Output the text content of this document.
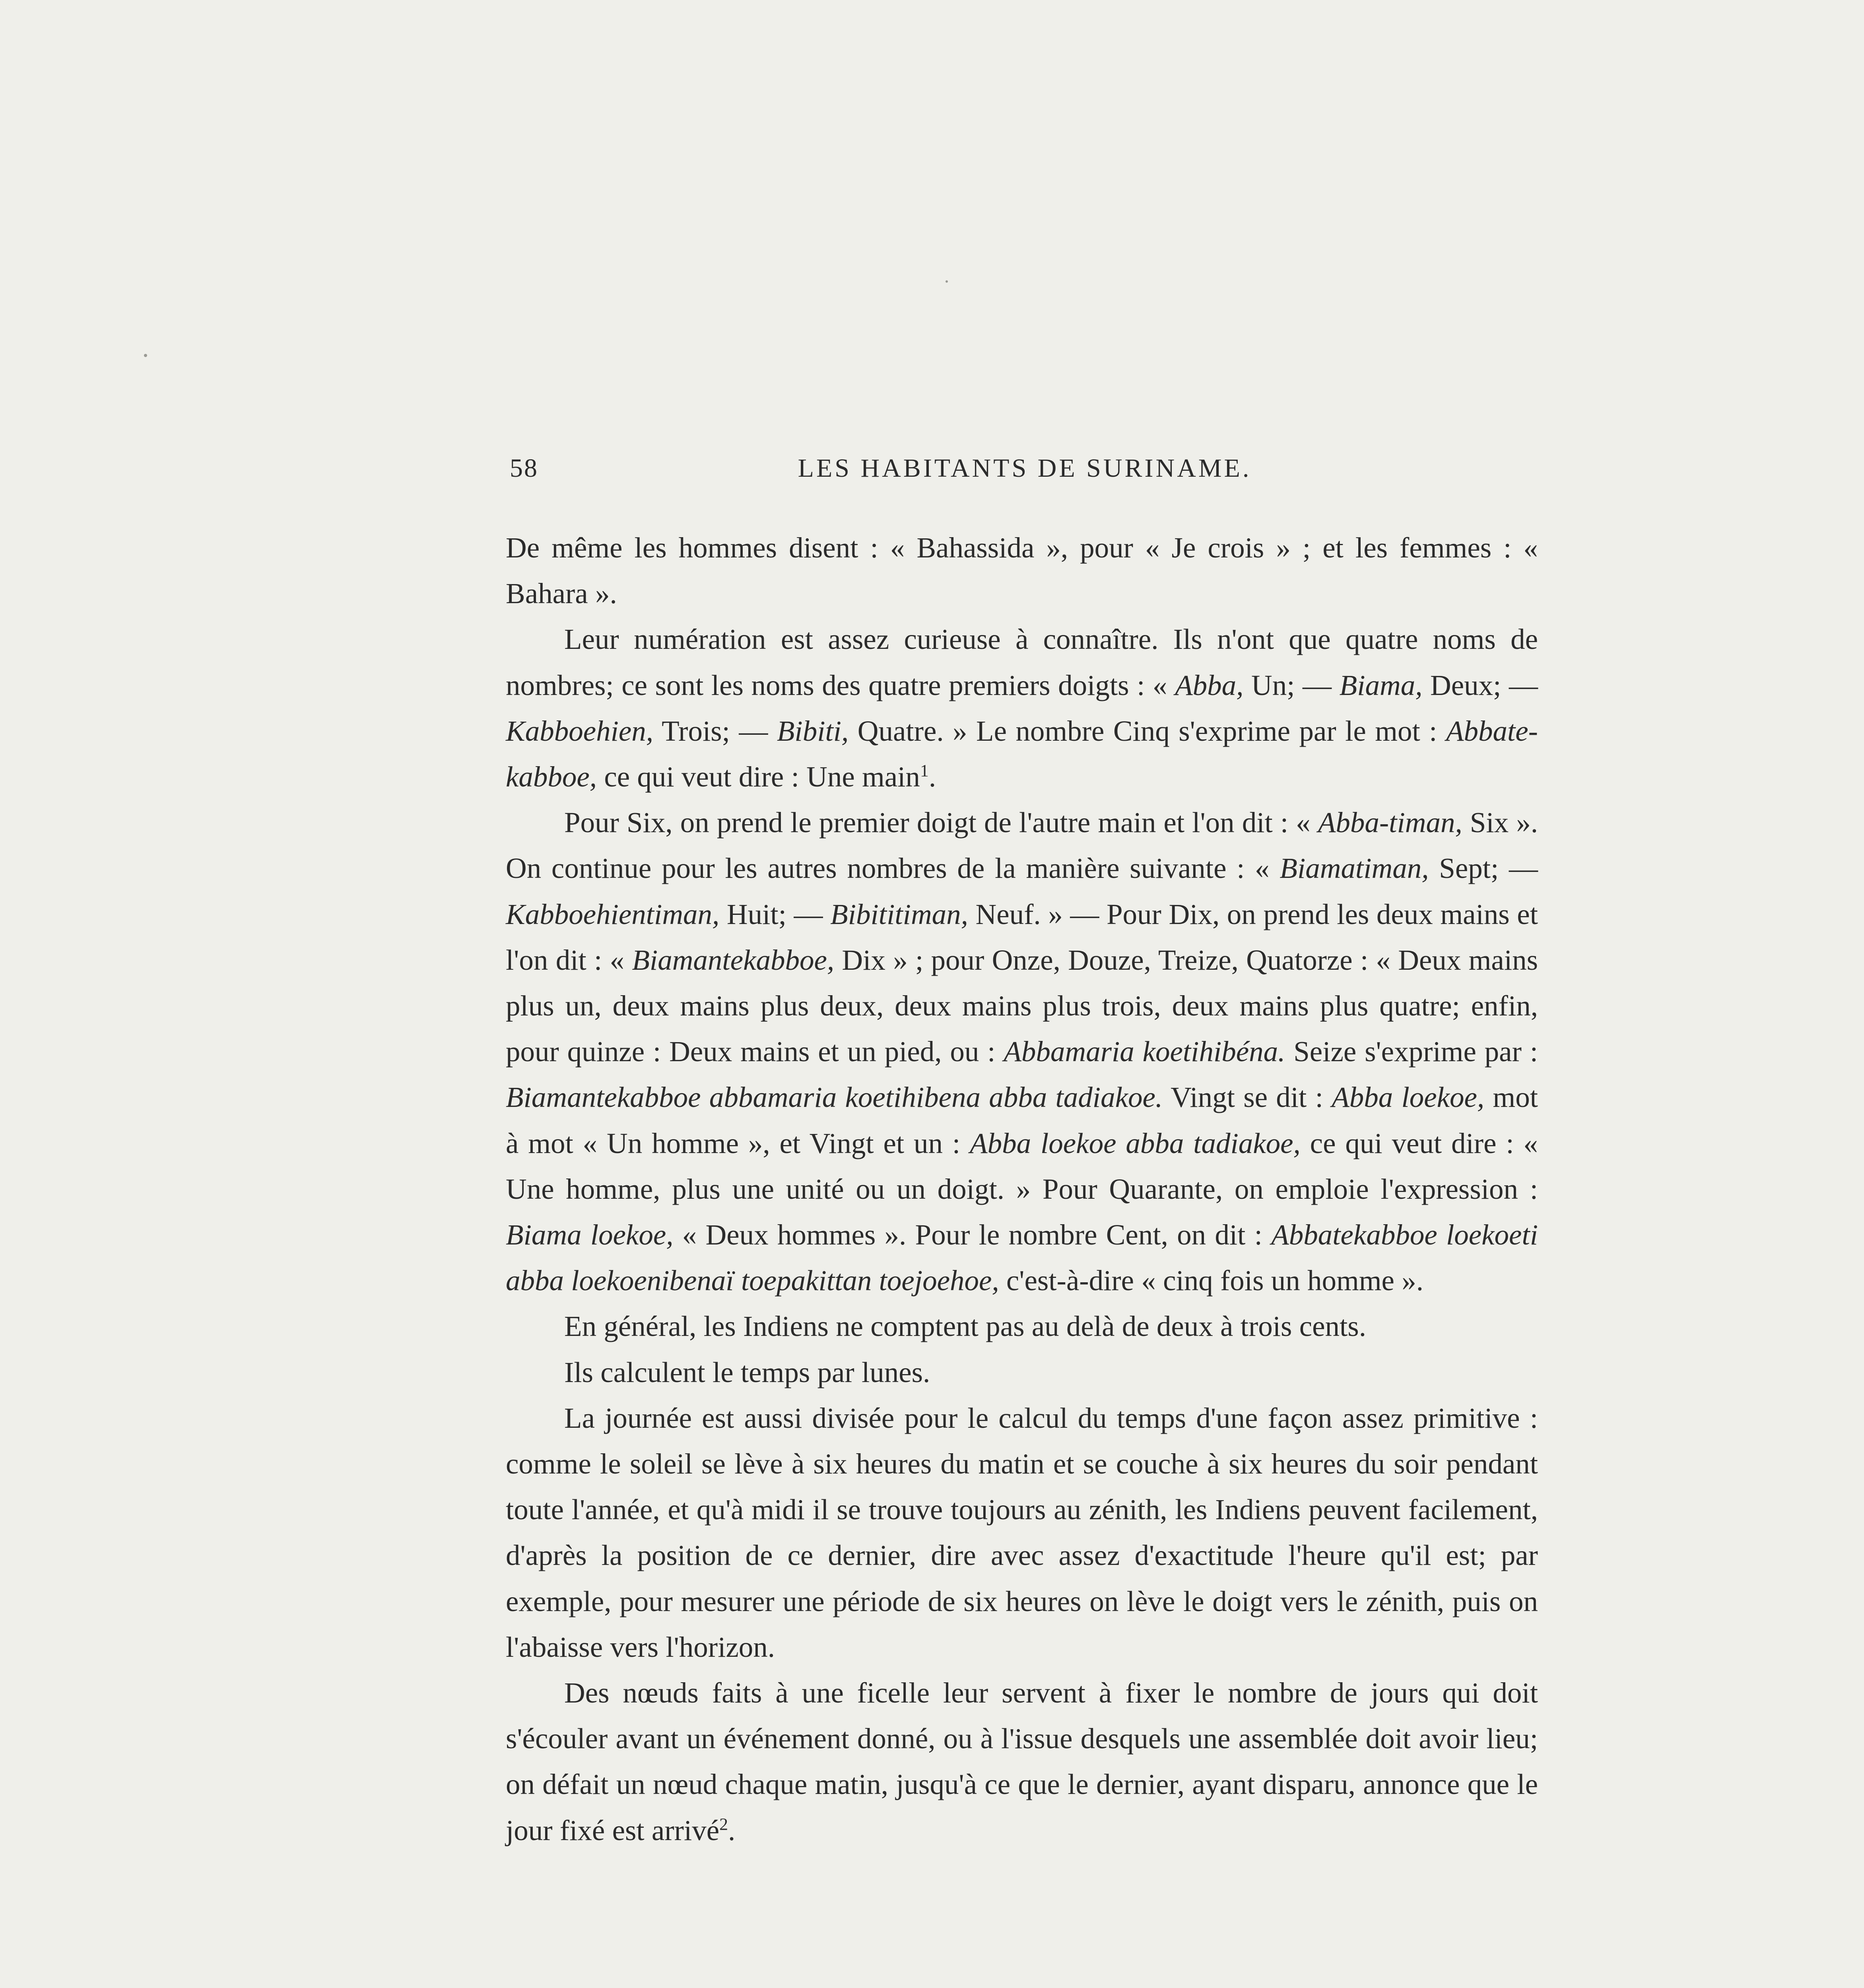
58	LES HABITANTS DE SURINAME.

De même les hommes disent : « Bahassida », pour « Je crois » ; et les femmes : « Bahara ».

Leur numération est assez curieuse à connaître. Ils n'ont que quatre noms de nombres; ce sont les noms des quatre premiers doigts : « Abba, Un; — Biama, Deux; — Kabboehien, Trois; — Bibiti, Quatre. » Le nombre Cinq s'exprime par le mot : Abbate-kabboe, ce qui veut dire : Une main$^1$.

Pour Six, on prend le premier doigt de l'autre main et l'on dit : « Abba-timan, Six ». On continue pour les autres nombres de la manière suivante : « Biamatiman, Sept; — Kabboehientiman, Huit; — Bibititiman, Neuf. » — Pour Dix, on prend les deux mains et l'on dit : « Biamantekabboe, Dix » ; pour Onze, Douze, Treize, Quatorze : « Deux mains plus un, deux mains plus deux, deux mains plus trois, deux mains plus quatre; enfin, pour quinze : Deux mains et un pied, ou : Abbamaria koetihibéna. Seize s'exprime par : Biamantekabboe abbamaria koetihibena abba tadiakoe. Vingt se dit : Abba loekoe, mot à mot « Un homme », et Vingt et un : Abba loekoe abba tadiakoe, ce qui veut dire : « Une homme, plus une unité ou un doigt. » Pour Quarante, on emploie l'expression : Biama loekoe, « Deux hommes ». Pour le nombre Cent, on dit : Abbatekabboe loekoeti abba loekoenibenaï toepakittan toejoehoe, c'est-à-dire « cinq fois un homme ».

En général, les Indiens ne comptent pas au delà de deux à trois cents.

Ils calculent le temps par lunes.

La journée est aussi divisée pour le calcul du temps d'une façon assez primitive : comme le soleil se lève à six heures du matin et se couche à six heures du soir pendant toute l'année, et qu'à midi il se trouve toujours au zénith, les Indiens peuvent facilement, d'après la position de ce dernier, dire avec assez d'exactitude l'heure qu'il est; par exemple, pour mesurer une période de six heures on lève le doigt vers le zénith, puis on l'abaisse vers l'horizon.

Des nœuds faits à une ficelle leur servent à fixer le nombre de jours qui doit s'écouler avant un événement donné, ou à l'issue desquels une assemblée doit avoir lieu; on défait un nœud chaque matin, jusqu'à ce que le dernier, ayant disparu, annonce que le jour fixé est arrivé$^2$.
